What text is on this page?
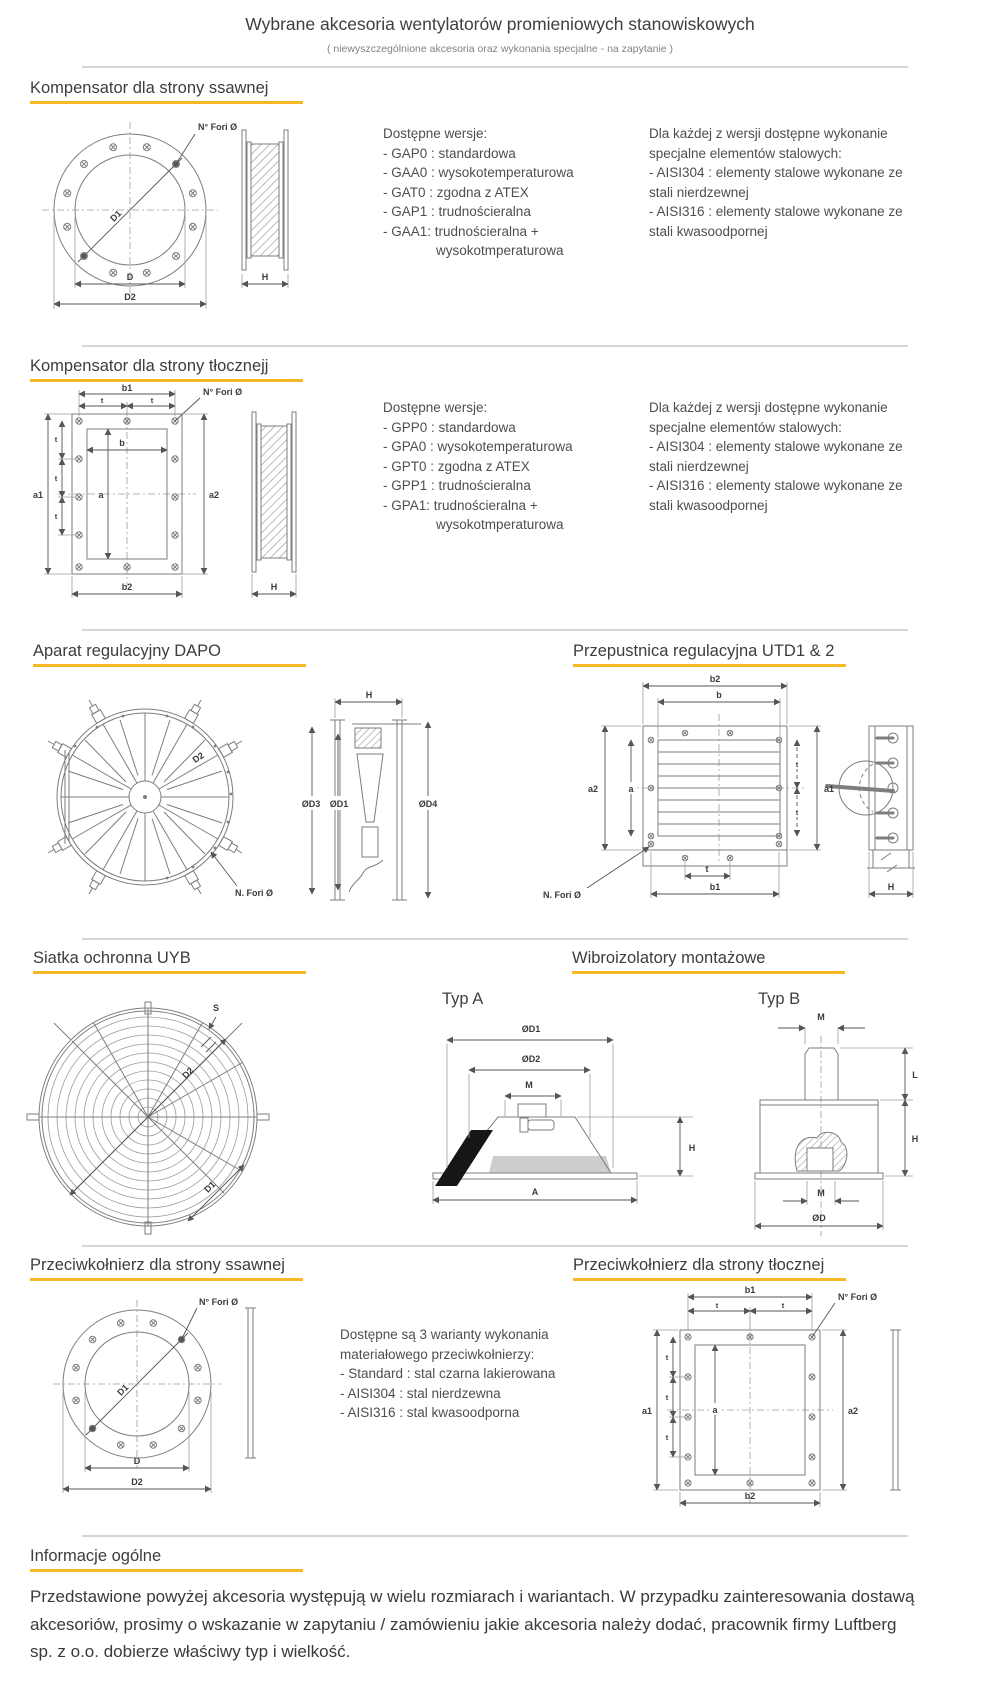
Wybrane akcesoria wentylatorów promieniowych stanowiskowych
( niewyszczególnione akcesoria oraz wykonania specjalne - na zapytanie )
Kompensator dla strony ssawnej
N° Fori Ø
D1
D
D2
H
Dostępne wersje:
- GAP0 : standardowa
- GAA0 : wysokotemperaturowa
- GAT0 : zgodna z ATEX
- GAP1 : trudnościeralna
- GAA1: trudnościeralna +
wysokotmperaturowa
Dla każdej z wersji dostępne wykonanie
specjalne elementów stalowych:
- AISI304 : elementy stalowe wykonane ze
stali nierdzewnej
- AISI316 : elementy stalowe wykonane ze
stali kwasoodpornej
Kompensator dla strony tłocznejj
b1
t	t
N° Fori Ø
a1
t
t
t
a2
b
a
b2	H
Dostępne wersje:
- GPP0 : standardowa
- GPA0 : wysokotemperaturowa
- GPT0 : zgodna z ATEX
- GPP1 : trudnościeralna
- GPA1: trudnościeralna +
wysokotmperaturowa
Dla każdej z wersji dostępne wykonanie
specjalne elementów stalowych:
- AISI304 : elementy stalowe wykonane ze
stali nierdzewnej
- AISI316 : elementy stalowe wykonane ze
stali kwasoodpornej
Aparat regulacyjny DAPO	Przepustnica regulacyjna UTD1 & 2
H
ØD3 ØD1	ØD4
D2
N. Fori Ø
b2
b
a2	a	a1
t
t
t
b1
N. Fori Ø
H
Siatka ochronna UYB	Wibroizolatory montażowe
Typ A	Typ B
S
D2
D1
ØD1
ØD2
M
H
A
M
L
H
M
ØD
Przeciwkołnierz dla strony ssawnej	Przeciwkołnierz dla strony tłocznej
N° Fori Ø
D1
D
D2
Dostępne są 3 warianty wykonania
materiałowego przeciwkołnierzy:
- Standard : stal czarna lakierowana
- AISI304 : stal nierdzewna
- AISI316 : stal kwasoodporna
b1
t	t
N° Fori Ø
a1
t
t
t
a	a2
b2
Informacje ogólne
Przedstawione powyżej akcesoria występują w wielu rozmiarach i wariantach. W przypadku zainteresowania dostawą akcesoriów, prosimy o wskazanie w zapytaniu / zamówieniu jakie akcesoria należy dodać, pracownik firmy Luftberg sp. z o.o. dobierze właściwy typ i wielkość.
